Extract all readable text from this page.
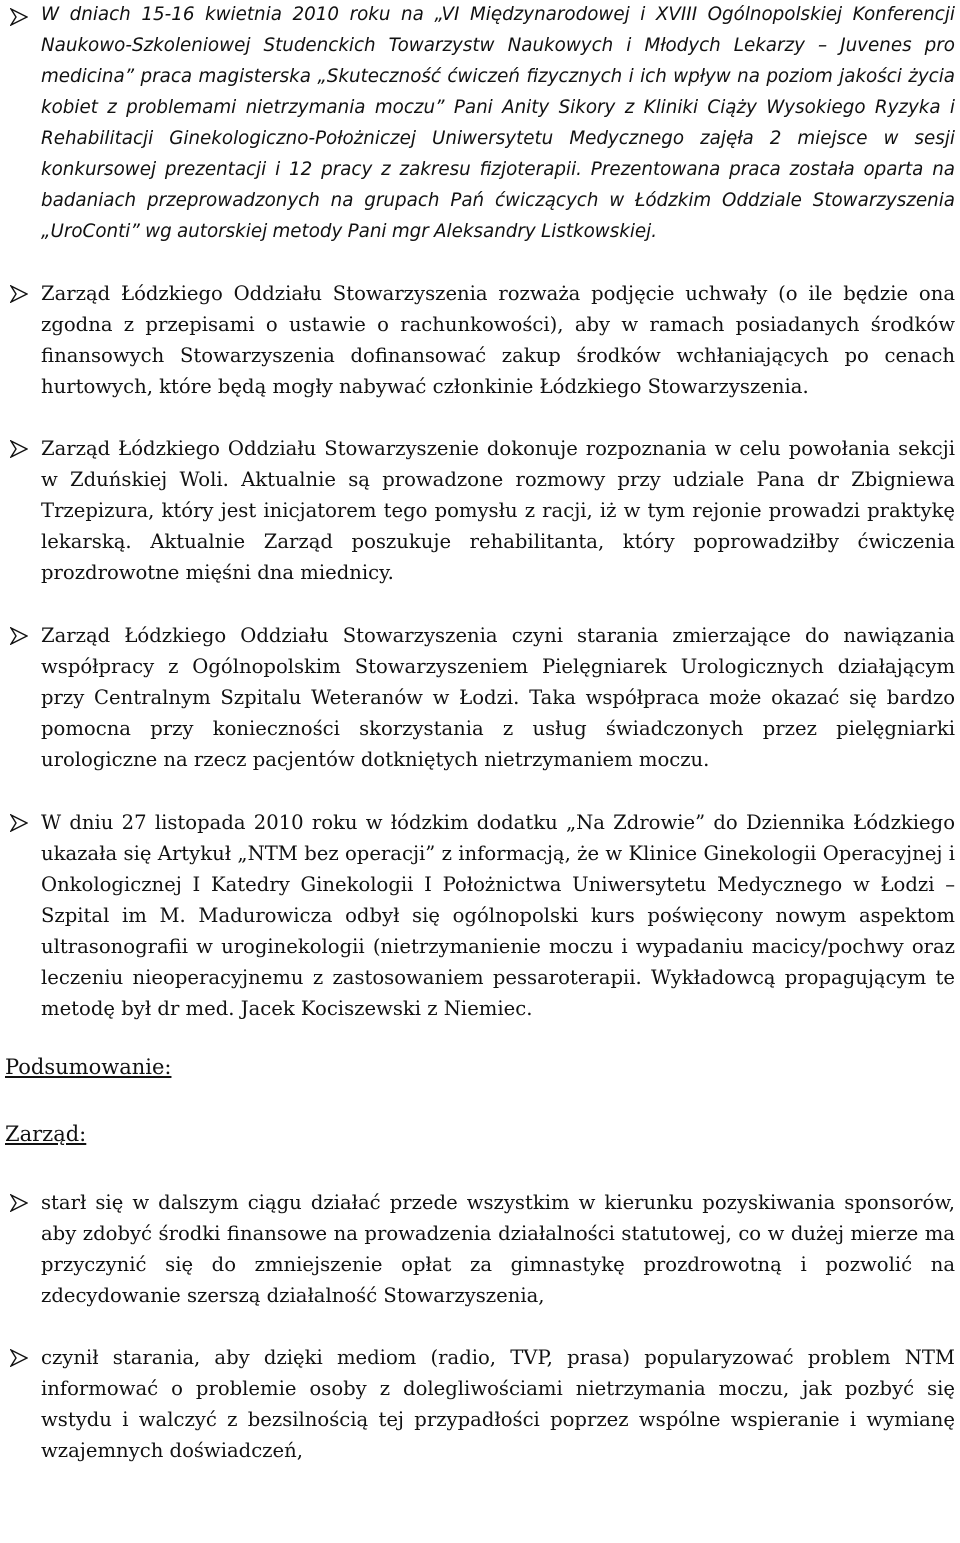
W dniach 15-16 kwietnia 2010 roku na „VI Międzynarodowej i XVIII Ogólnopolskiej Konferencji Naukowo-Szkoleniowej Studenckich Towarzystw Naukowych i Młodych Lekarzy – Juvenes pro medicina” praca magisterska „Skuteczność ćwiczeń fizycznych i ich wpływ na poziom jakości życia kobiet z problemami nietrzymania moczu” Pani Anity Sikory z Kliniki Ciąży Wysokiego Ryzyka i Rehabilitacji Ginekologiczno-Położniczej Uniwersytetu Medycznego zajęła 2 miejsce w sesji konkursowej prezentacji i 12 pracy z zakresu fizjoterapii. Prezentowana praca została oparta na badaniach przeprowadzonych na grupach Pań ćwiczących w Łódzkim Oddziale Stowarzyszenia „UroConti” wg autorskiej metody Pani mgr Aleksandry Listkowskiej.

Zarząd Łódzkiego Oddziału Stowarzyszenia rozważa podjęcie uchwały (o ile będzie ona zgodna z przepisami o ustawie o rachunkowości), aby w ramach posiadanych środków finansowych Stowarzyszenia dofinansować zakup środków wchłaniających po cenach hurtowych, które będą mogły nabywać członkinie Łódzkiego Stowarzyszenia.

Zarząd Łódzkiego Oddziału Stowarzyszenie dokonuje rozpoznania w celu powołania sekcji w Zduńskiej Woli. Aktualnie są prowadzone rozmowy przy udziale Pana dr Zbigniewa Trzepizura, który jest inicjatorem tego pomysłu z racji, iż w tym rejonie prowadzi praktykę lekarską. Aktualnie Zarząd poszukuje rehabilitanta, który poprowadziłby ćwiczenia prozdrowotne mięśni dna miednicy.

Zarząd Łódzkiego Oddziału Stowarzyszenia czyni starania zmierzające do nawiązania współpracy z Ogólnopolskim Stowarzyszeniem Pielęgniarek Urologicznych działającym przy Centralnym Szpitalu Weteranów w Łodzi. Taka współpraca może okazać się bardzo pomocna przy konieczności skorzystania z usług świadczonych przez pielęgniarki urologiczne na rzecz pacjentów dotkniętych nietrzymaniem moczu.

W dniu 27 listopada 2010 roku w łódzkim dodatku „Na Zdrowie” do Dziennika Łódzkiego ukazała się Artykuł „NTM bez operacji” z informacją, że w Klinice Ginekologii Operacyjnej i Onkologicznej I Katedry Ginekologii I Położnictwa Uniwersytetu Medycznego w Łodzi – Szpital im M. Madurowicza odbył się ogólnopolski kurs poświęcony nowym aspektom ultrasonografii w uroginekologii (nietrzymanienie moczu i wypadaniu macicy/pochwy oraz leczeniu nieoperacyjnemu z zastosowaniem pessaroterapii. Wykładowcą propagującym te metodę był dr med. Jacek Kociszewski z Niemiec.

Podsumowanie:
Zarząd:

starł się w dalszym ciągu działać przede wszystkim w kierunku pozyskiwania sponsorów, aby zdobyć środki finansowe na prowadzenia działalności statutowej, co w dużej mierze ma przyczynić się do zmniejszenie opłat za gimnastykę prozdrowotną i pozwolić na zdecydowanie szerszą działalność Stowarzyszenia,

czynił starania, aby dzięki mediom (radio, TVP, prasa) popularyzować problem NTM informować o problemie osoby z dolegliwościami nietrzymania moczu, jak pozbyć się wstydu i walczyć z bezsilnością tej przypadłości poprzez wspólne wspieranie i wymianę wzajemnych doświadczeń,
